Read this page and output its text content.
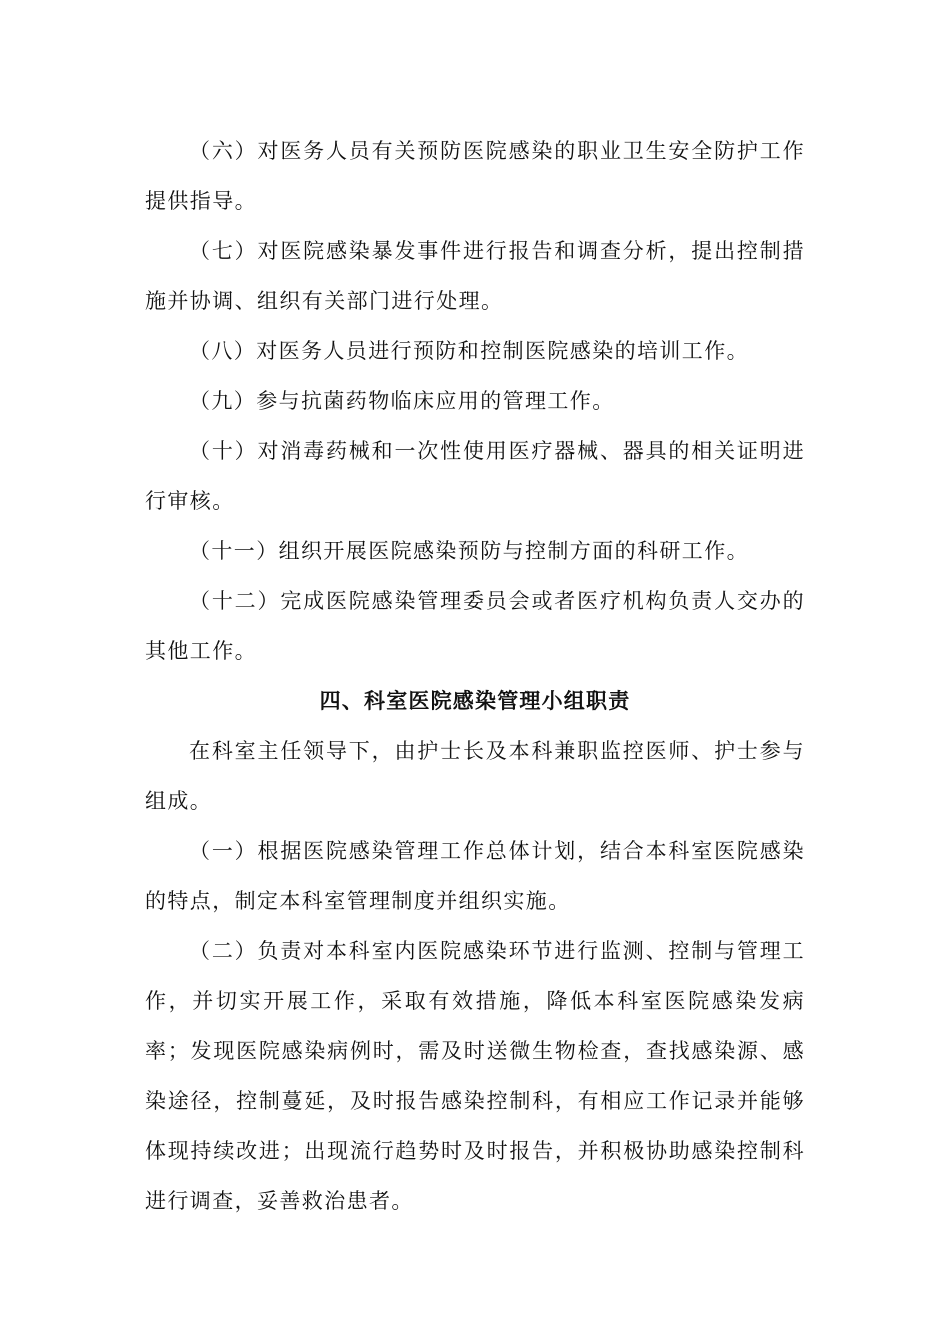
（六）对医务人员有关预防医院感染的职业卫生安全防护工作提供指导。

（七）对医院感染暴发事件进行报告和调查分析，提出控制措施并协调、组织有关部门进行处理。

（八）对医务人员进行预防和控制医院感染的培训工作。

（九）参与抗菌药物临床应用的管理工作。

（十）对消毒药械和一次性使用医疗器械、器具的相关证明进行审核。

（十一）组织开展医院感染预防与控制方面的科研工作。

（十二）完成医院感染管理委员会或者医疗机构负责人交办的其他工作。

四、科室医院感染管理小组职责

在科室主任领导下，由护士长及本科兼职监控医师、护士参与组成。

（一）根据医院感染管理工作总体计划，结合本科室医院感染的特点，制定本科室管理制度并组织实施。

（二）负责对本科室内医院感染环节进行监测、控制与管理工作，并切实开展工作，采取有效措施，降低本科室医院感染发病率；发现医院感染病例时，需及时送微生物检查，查找感染源、感染途径，控制蔓延，及时报告感染控制科，有相应工作记录并能够体现持续改进；出现流行趋势时及时报告，并积极协助感染控制科进行调查，妥善救治患者。
